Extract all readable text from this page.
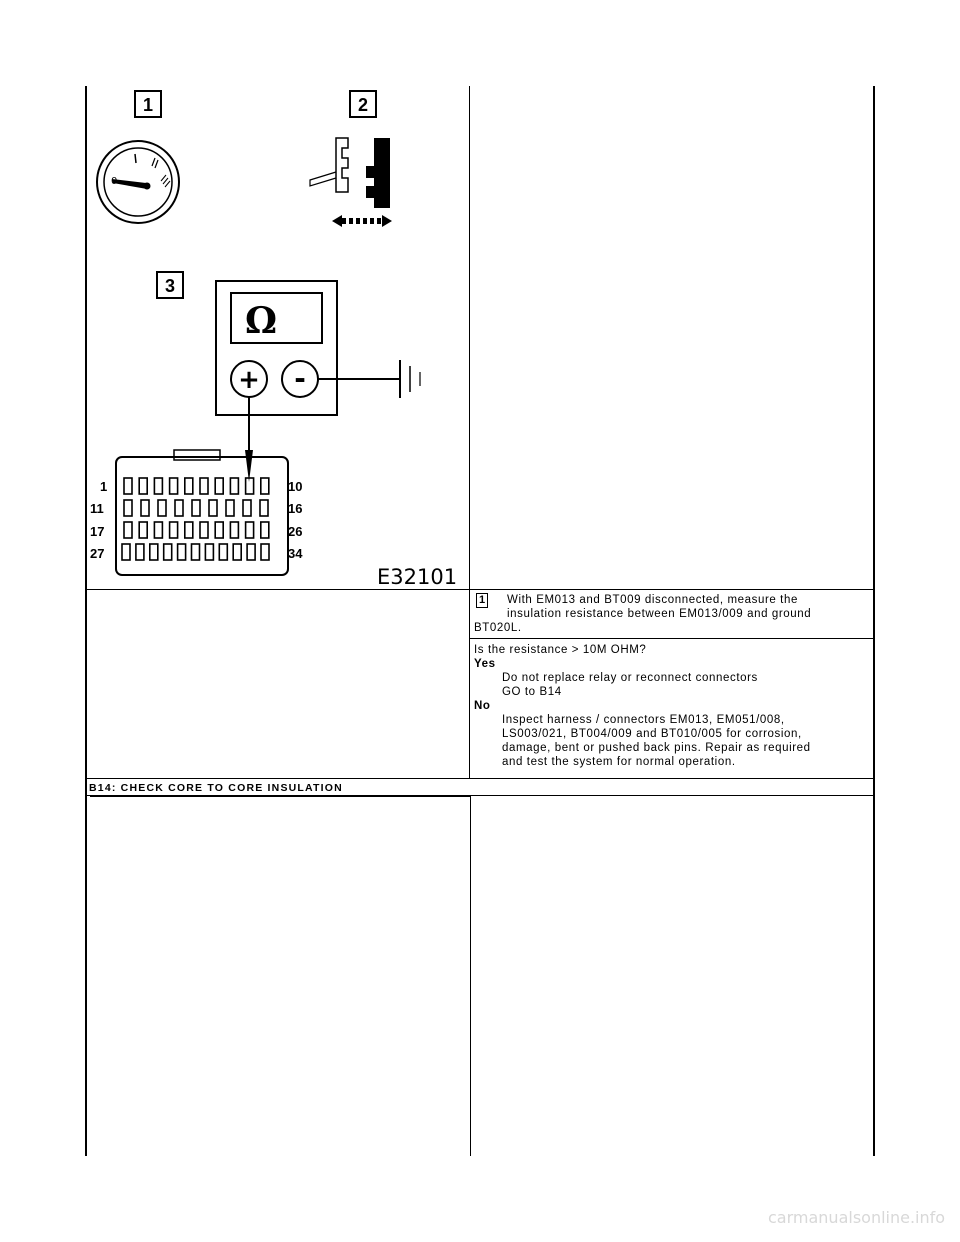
0
Ω
+ -
1	2
3
1
11
17
27
10
16
26
34
E32101
1 With EM013 and BT009 disconnected, measure the
insulation resistance between EM013/009 and ground
BT020L.
Is the resistance > 10M OHM?
Yes
Do not replace relay or reconnect connectors
GO to B14
No
Inspect harness / connectors EM013, EM051/008,
LS003/021, BT004/009 and BT010/005 for corrosion,
damage, bent or pushed back pins. Repair as required
and test the system for normal operation.
B14: CHECK CORE TO CORE INSULATION
carmanualsonline.info
